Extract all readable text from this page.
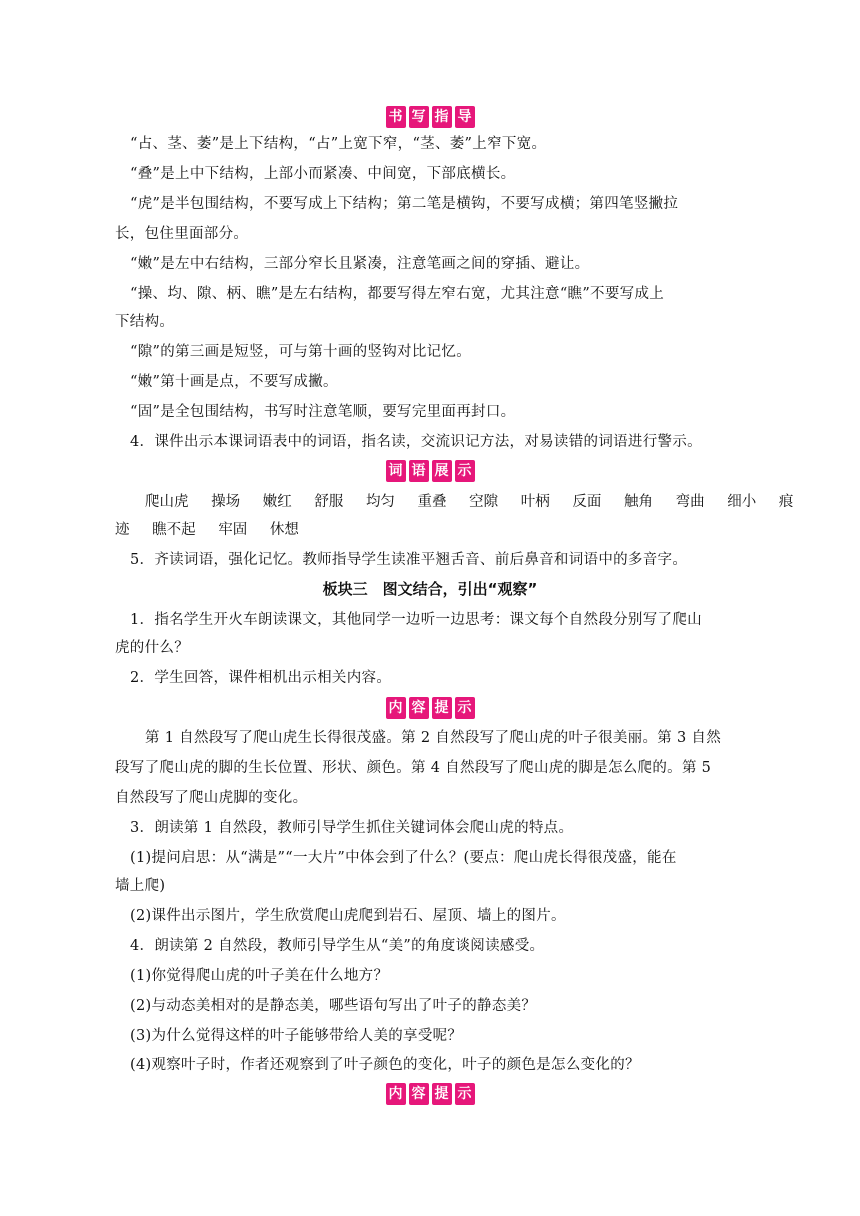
书 写 指 导
“占、茎、萎”是上下结构，“占”上宽下窄，“茎、萎”上窄下宽。
“叠”是上中下结构，上部小而紧凑、中间宽，下部底横长。
“虎”是半包围结构，不要写成上下结构；第二笔是横钩，不要写成横；第四笔竖撇拉
长，包住里面部分。
“嫩”是左中右结构，三部分窄长且紧凑，注意笔画之间的穿插、避让。
“操、均、隙、柄、瞧”是左右结构，都要写得左窄右宽，尤其注意“瞧”不要写成上
下结构。
“隙”的第三画是短竖，可与第十画的竖钩对比记忆。
“嫩”第十画是点，不要写成撇。
“固”是全包围结构，书写时注意笔顺，要写完里面再封口。
4．课件出示本课词语表中的词语，指名读，交流识记方法，对易读错的词语进行警示。
词 语 展 示
爬山虎 操场 嫩红 舒服 均匀 重叠 空隙 叶柄 反面 触角 弯曲 细小 痕
迹 瞧不起 牢固 休想
5．齐读词语，强化记忆。教师指导学生读准平翘舌音、前后鼻音和词语中的多音字。
板块三　图文结合，引出“观察”
1．指名学生开火车朗读课文，其他同学一边听一边思考：课文每个自然段分别写了爬山
虎的什么？
2．学生回答，课件相机出示相关内容。
内 容 提 示
第 1 自然段写了爬山虎生长得很茂盛。第 2 自然段写了爬山虎的叶子很美丽。第 3 自然
段写了爬山虎的脚的生长位置、形状、颜色。第 4 自然段写了爬山虎的脚是怎么爬的。第 5
自然段写了爬山虎脚的变化。
3．朗读第 1 自然段，教师引导学生抓住关键词体会爬山虎的特点。
(1)提问启思：从“满是”“一大片”中体会到了什么？(要点：爬山虎长得很茂盛，能在
墙上爬)
(2)课件出示图片，学生欣赏爬山虎爬到岩石、屋顶、墙上的图片。
4．朗读第 2 自然段，教师引导学生从“美”的角度谈阅读感受。
(1)你觉得爬山虎的叶子美在什么地方？
(2)与动态美相对的是静态美，哪些语句写出了叶子的静态美？
(3)为什么觉得这样的叶子能够带给人美的享受呢？
(4)观察叶子时，作者还观察到了叶子颜色的变化，叶子的颜色是怎么变化的？
内 容 提 示
